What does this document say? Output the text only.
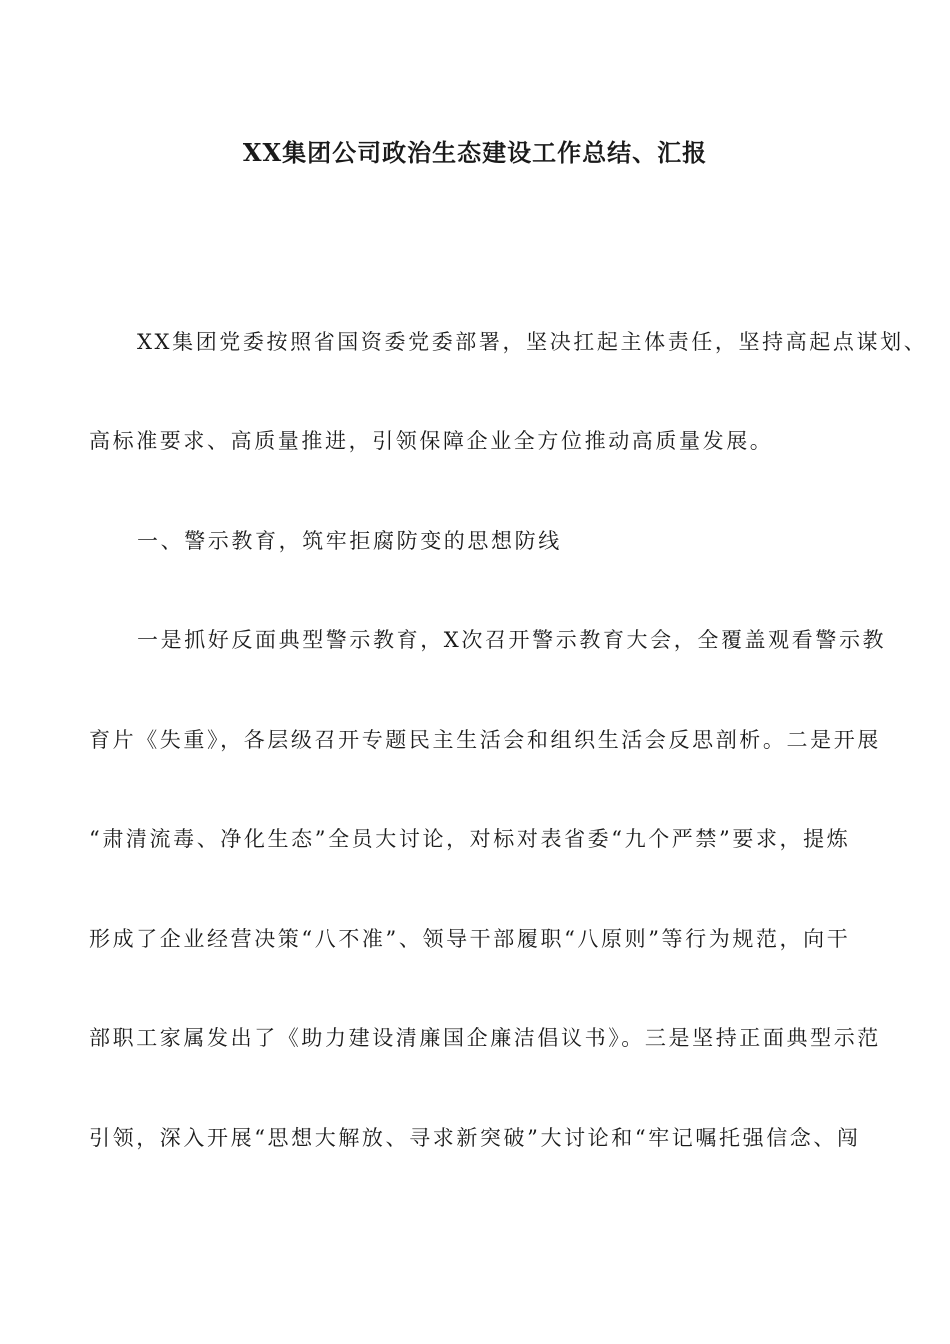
XX集团公司政治生态建设工作总结、汇报
XX集团党委按照省国资委党委部署，坚决扛起主体责任，坚持高起点谋划、
高标准要求、高质量推进，引领保障企业全方位推动高质量发展。
一、警示教育，筑牢拒腐防变的思想防线
一是抓好反面典型警示教育，X次召开警示教育大会，全覆盖观看警示教
育片《失重》，各层级召开专题民主生活会和组织生活会反思剖析。二是开展
“肃清流毒、净化生态”全员大讨论，对标对表省委“九个严禁”要求，提炼
形成了企业经营决策“八不准”、领导干部履职“八原则”等行为规范，向干
部职工家属发出了《助力建设清廉国企廉洁倡议书》。三是坚持正面典型示范
引领，深入开展“思想大解放、寻求新突破”大讨论和“牢记嘱托强信念、闯
